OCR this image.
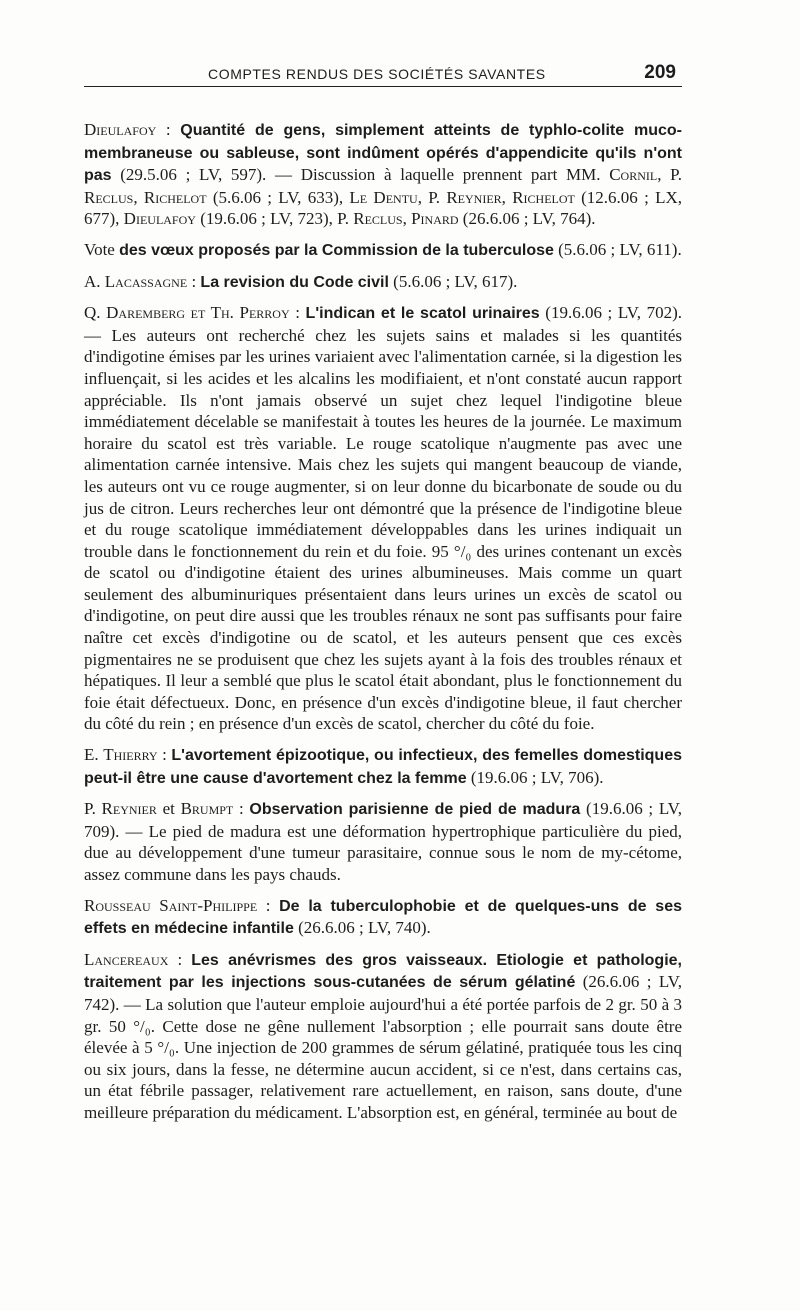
COMPTES RENDUS DES SOCIÉTÉS SAVANTES	209

Dieulafoy : Quantité de gens, simplement atteints de typhlo-colite muco-membraneuse ou sableuse, sont indûment opérés d'appendicite qu'ils n'ont pas (29.5.06 ; LV, 597). — Discussion à laquelle prennent part MM. Cornil, P. Reclus, Richelot (5.6.06 ; LV, 633), Le Dentu, P. Reynier, Richelot (12.6.06 ; LX, 677), Dieulafoy (19.6.06 ; LV, 723), P. Reclus, Pinard (26.6.06 ; LV, 764).

Vote des vœux proposés par la Commission de la tuberculose (5.6.06 ; LV, 611).

A. Lacassagne : La revision du Code civil (5.6.06 ; LV, 617).

Q. Daremberg et Th. Perroy : L'indican et le scatol urinaires (19.6.06 ; LV, 702). — Les auteurs ont recherché chez les sujets sains et malades si les quantités d'indigotine émises par les urines variaient avec l'alimentation carnée, si la digestion les influençait, si les acides et les alcalins les modifiaient, et n'ont constaté aucun rapport appréciable. Ils n'ont jamais observé un sujet chez lequel l'indigotine bleue immédiatement décelable se manifestait à toutes les heures de la journée. Le maximum horaire du scatol est très variable. Le rouge scatolique n'augmente pas avec une alimentation carnée intensive. Mais chez les sujets qui mangent beaucoup de viande, les auteurs ont vu ce rouge augmenter, si on leur donne du bicarbonate de soude ou du jus de citron. Leurs recherches leur ont démontré que la présence de l'indigotine bleue et du rouge scatolique immédiatement développables dans les urines indiquait un trouble dans le fonctionnement du rein et du foie. 95 °/₀ des urines contenant un excès de scatol ou d'indigotine étaient des urines albumineuses. Mais comme un quart seulement des albuminuriques présentaient dans leurs urines un excès de scatol ou d'indigotine, on peut dire aussi que les troubles rénaux ne sont pas suffisants pour faire naître cet excès d'indigotine ou de scatol, et les auteurs pensent que ces excès pigmentaires ne se produisent que chez les sujets ayant à la fois des troubles rénaux et hépatiques. Il leur a semblé que plus le scatol était abondant, plus le fonctionnement du foie était défectueux. Donc, en présence d'un excès d'indigotine bleue, il faut chercher du côté du rein ; en présence d'un excès de scatol, chercher du côté du foie.

E. Thierry : L'avortement épizootique, ou infectieux, des femelles domestiques peut-il être une cause d'avortement chez la femme (19.6.06 ; LV, 706).

P. Reynier et Brumpt : Observation parisienne de pied de madura (19.6.06 ; LV, 709). — Le pied de madura est une déformation hypertrophique particulière du pied, due au développement d'une tumeur parasitaire, connue sous le nom de my-cétome, assez commune dans les pays chauds.

Rousseau Saint-Philippe : De la tuberculophobie et de quelques-uns de ses effets en médecine infantile (26.6.06 ; LV, 740).

Lancereaux : Les anévrismes des gros vaisseaux. Etiologie et pathologie, traitement par les injections sous-cutanées de sérum gélatiné (26.6.06 ; LV, 742). — La solution que l'auteur emploie aujourd'hui a été portée parfois de 2 gr. 50 à 3 gr. 50 °/₀. Cette dose ne gêne nullement l'absorption ; elle pourrait sans doute être élevée à 5 °/₀. Une injection de 200 grammes de sérum gélatiné, pratiquée tous les cinq ou six jours, dans la fesse, ne détermine aucun accident, si ce n'est, dans certains cas, un état fébrile passager, relativement rare actuellement, en raison, sans doute, d'une meilleure préparation du médicament. L'absorption est, en général, terminée au bout de
